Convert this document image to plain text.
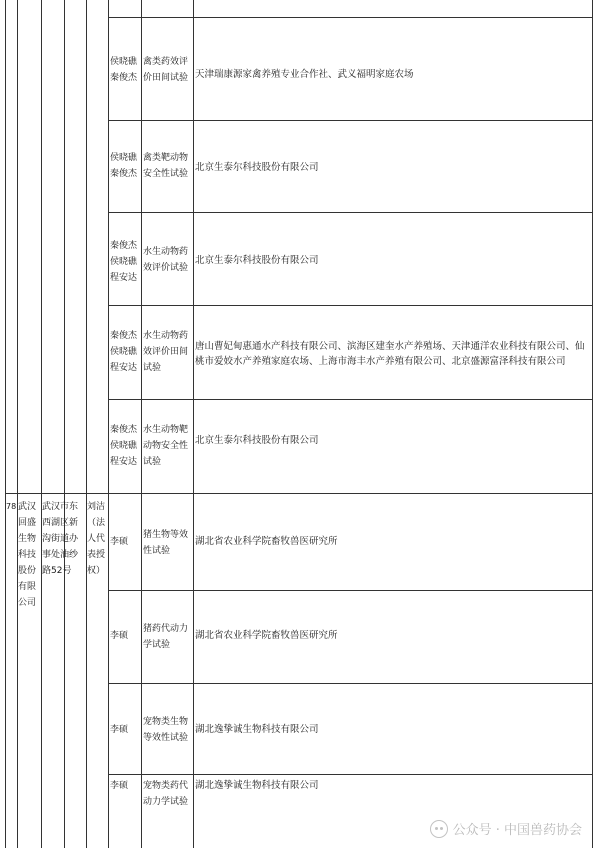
侯晓礁
秦俊杰
禽类药效评价田间试验 天津瑞康源家禽养殖专业合作社、武义福明家庭农场
侯晓礁
秦俊杰
禽类靶动物安全性试验
北京生泰尔科技股份有限公司
秦俊杰
侯晓礁
程安达
水生动物药效评价试验
北京生泰尔科技股份有限公司
秦俊杰
侯晓礁
程安达
水生动物药效评价田间试验
唐山曹妃甸惠通水产科技有限公司、滨海区建奎水产养殖场、天津通洋农业科技有限公司、仙桃市爱姣水产养殖家庭农场、上海市海丰水产养殖有限公司、北京盛源富泽科技有限公司
秦俊杰
侯晓礁
程安达
水生动物靶动物安全性试验
北京生泰尔科技股份有限公司
78 武汉回盛生物科技股份有限公司
武汉市东西湖区新沟街道办事处油纱路52号
刘洁（法人代表授权）
李硕
猪生物等效性试验
湖北省农业科学院畜牧兽医研究所
李硕
猪药代动力学试验
湖北省农业科学院畜牧兽医研究所
李硕
宠物类生物等效性试验
湖北逸挚诚生物科技有限公司
李硕	宠物类药代动力学试验
湖北逸挚诚生物科技有限公司
公众号 · 中国兽药协会
